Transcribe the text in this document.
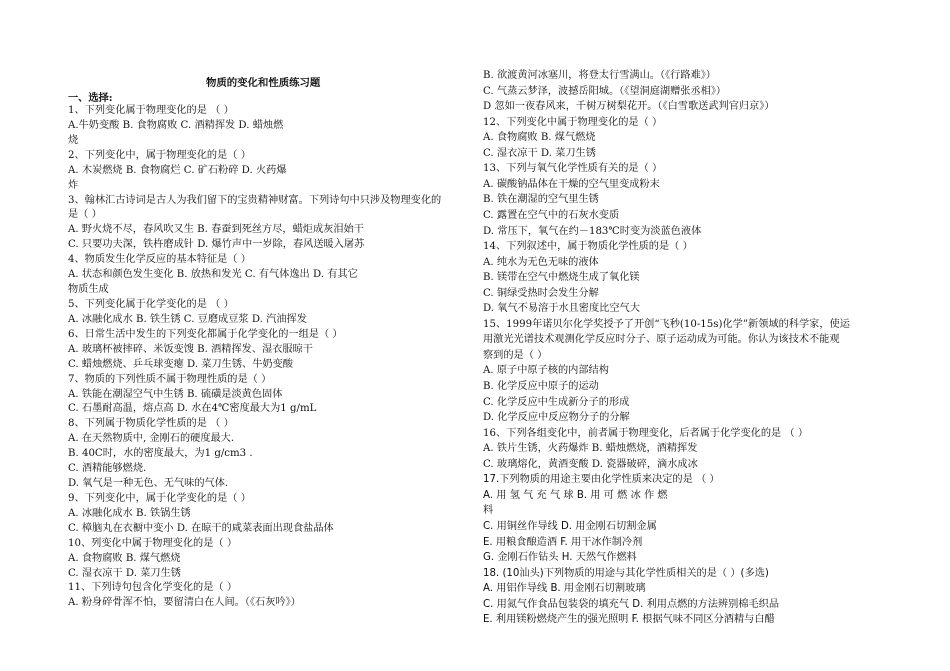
物质的变化和性质练习题
一、选择:
1、下列变化属于物理变化的是 （ ）
A.牛奶变酸 B. 食物腐败 C. 酒精挥发 D. 蜡烛燃
烧
2、下列变化中，属于物理变化的是（ ）
A. 木炭燃烧 B. 食物腐烂 C. 矿石粉碎 D. 火药爆
炸
3、翰林汇古诗词是古人为我们留下的宝贵精神财富。下列诗句中只涉及物理变化的
是（ ）
A. 野火烧不尽，春风吹又生 B. 春蚕到死丝方尽，蜡炬成灰泪始干
C. 只要功夫深，铁杵磨成针 D. 爆竹声中一岁除，春风送暖入屠苏
4、物质发生化学反应的基本特征是（ ）
A. 状态和颜色发生变化 B. 放热和发光 C. 有气体逸出 D. 有其它
物质生成
5、下列变化属于化学变化的是 （ ）
A. 冰融化成水 B. 铁生锈 C. 豆磨成豆浆 D. 汽油挥发
6、日常生活中发生的下列变化都属于化学变化的一组是（ ）
A. 玻璃杯被摔碎、米饭变馊 B. 酒精挥发、湿衣服晾干
C. 蜡烛燃烧、乒乓球变瘪 D. 菜刀生锈、牛奶变酸
7、物质的下列性质不属于物理性质的是（ ）
A. 铁能在潮湿空气中生锈 B. 硫磺是淡黄色固体
C. 石墨耐高温，熔点高 D. 水在4℃密度最大为1 g/mL
8、下列属于物质化学性质的是 （ ）
A. 在天然物质中, 金刚石的硬度最大.
B. 40C时，水的密度最大，为1 g/cm3 .
C. 酒精能够燃烧.
D. 氧气是一种无色、无气味的气体.
9、下列变化中，属于化学变化的是（ ）
A. 冰融化成水 B. 铁锅生锈
C. 樟脑丸在衣橱中变小 D. 在晾干的咸菜表面出现食盐晶体
10、列变化中属于物理变化的是（ ）
A. 食物腐败 B. 煤气燃烧
C. 湿衣凉干 D. 菜刀生锈
11、下列诗句包含化学变化的是（ ）
A. 粉身碎骨浑不怕，要留清白在人间。（《石灰吟》）
B. 欲渡黄河冰塞川，将登太行雪满山。（《行路难》）
C. 气蒸云梦泽，波撼岳阳城。（《望洞庭湖赠张丞相》）
D 忽如一夜春风来，千树万树梨花开。（《白雪歌送武判官归京》）
12、下列变化中属于物理变化的是（ ）
A. 食物腐败 B. 煤气燃烧
C. 湿衣凉干 D. 菜刀生锈
13、下列与氧气化学性质有关的是（ ）
A. 碳酸钠晶体在干燥的空气里变成粉末
B. 铁在潮湿的空气里生锈
C. 露置在空气中的石灰水变质
D. 常压下，氧气在约－183℃时变为淡蓝色液体
14、下列叙述中，属于物质化学性质的是（ ）
A. 纯水为无色无味的液体
B. 镁带在空气中燃烧生成了氧化镁
C. 铜绿受热时会发生分解
D. 氧气不易溶于水且密度比空气大
15、1999年诺贝尔化学奖授予了开创“飞秒(10-15s)化学”新领域的科学家，使运
用激光光谱技术观测化学反应时分子、原子运动成为可能。你认为该技术不能观
察到的是（ ）
A. 原子中原子核的内部结构
B. 化学反应中原子的运动
C. 化学反应中生成新分子的形成
D. 化学反应中反应物分子的分解
16、下列各组变化中，前者属于物理变化，后者属于化学变化的是 （ ）
A. 铁片生锈，火药爆炸 B. 蜡烛燃烧，酒精挥发
C. 玻璃熔化，黄酒变酸 D. 瓷器破碎，滴水成冰
17.下列物质的用途主要由化学性质来决定的是 （ ）
A. 用 氢 气 充 气 球 B. 用 可 燃 冰 作 燃
料
C. 用铜丝作导线 D. 用金刚石切割金属
E. 用粮食酿造酒 F. 用干冰作制冷剂
G. 金刚石作钻头 H. 天然气作燃料
18. (10汕头)下列物质的用途与其化学性质相关的是（ ）(多选)
A. 用铝作导线 B. 用金刚石切割玻璃
C. 用氮气作食品包装袋的填充气 D. 利用点燃的方法辨别棉毛织品
E. 利用镁粉燃烧产生的强光照明 F. 根据气味不同区分酒精与白醋
